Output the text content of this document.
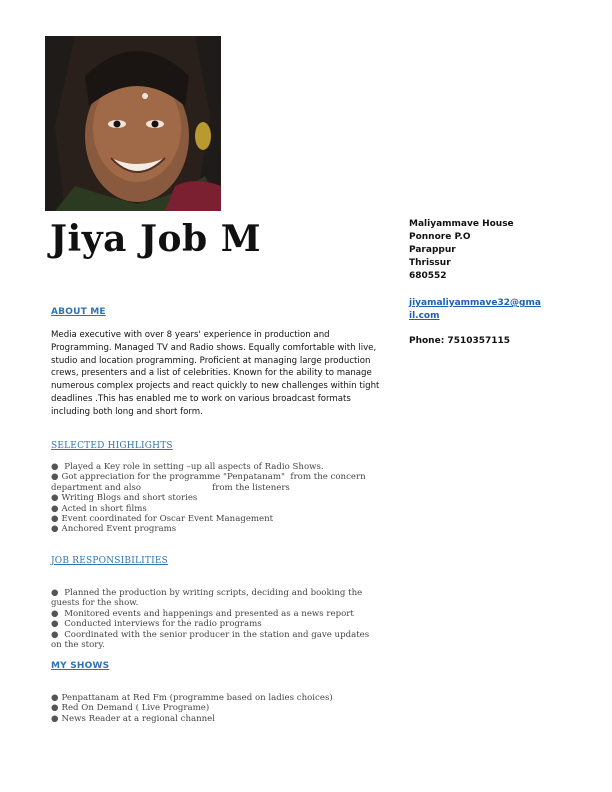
Jiya Job M	Maliyammave House
Ponnore P.O
Parappur
Thrissur
680552
jiyamaliyammave32@gmail.com
Phone: 7510357115
ABOUT ME

Media executive with over 8 years' experience in production and Programming. Managed TV and Radio shows. Equally comfortable with live, studio and location programming. Proficient at managing large production crews, presenters and a list of celebrities. Known for the ability to manage numerous complex projects and react quickly to new challenges within tight deadlines .This has enabled me to work on various broadcast formats including both long and short form.

SELECTED HIGHLIGHTS
● Played a Key role in setting –up all aspects of Radio Shows.
● Got appreciation for the programme "Penpatanam"  from the concern department and also                          from the listeners
● Writing Blogs and short stories
● Acted in short films
● Event coordinated for Oscar Event Management
● Anchored Event programs
JOB RESPONSIBILITIES
● Planned the production by writing scripts, deciding and booking the guests for the show.
● Monitored events and happenings and presented as a news report
● Conducted interviews for the radio programs
● Coordinated with the senior producer in the station and gave updates on the story.
MY SHOWS
● Penpattanam at Red Fm (programme based on ladies choices)
● Red On Demand ( Live Programe)
● News Reader at a regional channel
